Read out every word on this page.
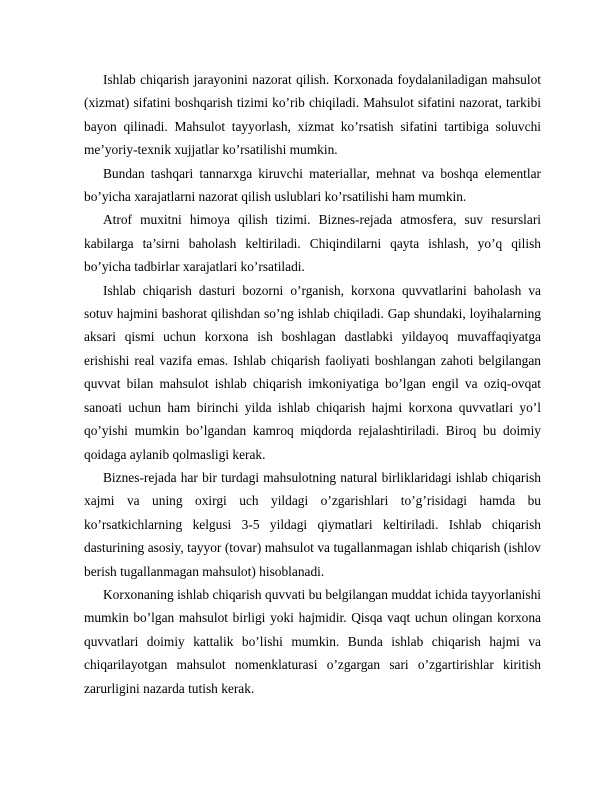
Ishlab chiqarish jarayonini nazorat qilish. Korxonada foydalaniladigan mahsulot (xizmat) sifatini boshqarish tizimi ko’rib chiqiladi. Mahsulot sifatini nazorat, tarkibi bayon qilinadi. Mahsulot tayyorlash, xizmat ko’rsatish sifatini tartibiga soluvchi me’yoriy-texnik xujjatlar ko’rsatilishi mumkin.

Bundan tashqari tannarxga kiruvchi materiallar, mehnat va boshqa elementlar bo’yicha xarajatlarni nazorat qilish uslublari ko’rsatilishi ham mumkin.

Atrof muxitni himoya qilish tizimi. Biznes-rejada atmosfera, suv resurslari kabilarga ta’sirni baholash keltiriladi. Chiqindilarni qayta ishlash, yo’q qilish bo’yicha tadbirlar xarajatlari ko’rsatiladi.

Ishlab chiqarish dasturi bozorni o’rganish, korxona quvvatlarini baholash va sotuv hajmini bashorat qilishdan so’ng ishlab chiqiladi. Gap shundaki, loyihalarning aksari qismi uchun korxona ish boshlagan dastlabki yildayoq muvaffaqiyatga erishishi real vazifa emas. Ishlab chiqarish faoliyati boshlangan zahoti belgilangan quvvat bilan mahsulot ishlab chiqarish imkoniyatiga bo’lgan engil va oziq-ovqat sanoati uchun ham birinchi yilda ishlab chiqarish hajmi korxona quvvatlari yo’l qo’yishi mumkin bo’lgandan kamroq miqdorda rejalashtiriladi. Biroq bu doimiy qoidaga aylanib qolmasligi kerak.

Biznes-rejada har bir turdagi mahsulotning natural birliklaridagi ishlab chiqarish xajmi va uning oxirgi uch yildagi o’zgarishlari to’g’risidagi hamda bu ko’rsatkichlarning kelgusi 3-5 yildagi qiymatlari keltiriladi. Ishlab chiqarish dasturining asosiy, tayyor (tovar) mahsulot va tugallanmagan ishlab chiqarish (ishlov berish tugallanmagan mahsulot) hisoblanadi.

Korxonaning ishlab chiqarish quvvati bu belgilangan muddat ichida tayyorlanishi mumkin bo’lgan mahsulot birligi yoki hajmidir. Qisqa vaqt uchun olingan korxona quvvatlari doimiy kattalik bo’lishi mumkin. Bunda ishlab chiqarish hajmi va chiqarilayotgan mahsulot nomenklaturasi o’zgargan sari o’zgartirishlar kiritish zarurligini nazarda tutish kerak.
